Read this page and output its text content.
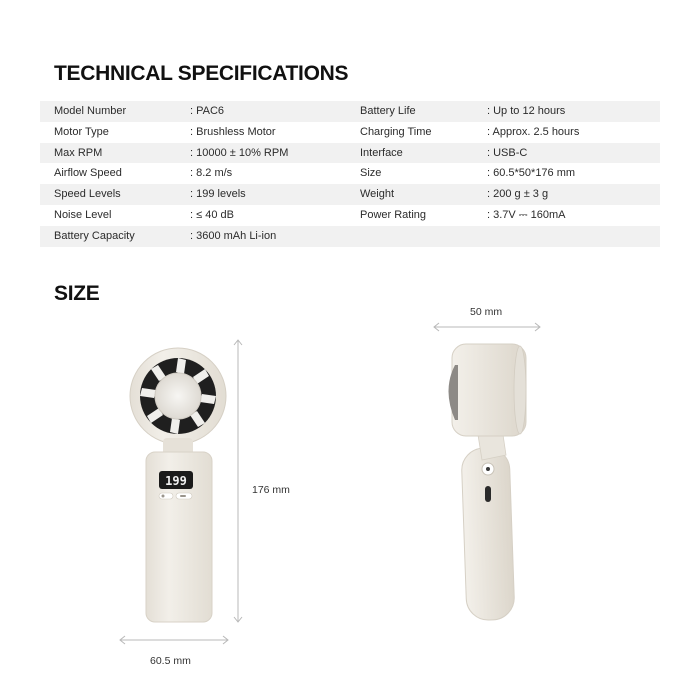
TECHNICAL SPECIFICATIONS
Model Number	: PAC6	Battery Life	: Up to 12 hours
Motor Type	: Brushless Motor	Charging Time	: Approx. 2.5 hours
Max RPM	: 10000 ± 10% RPM	Interface	: USB-C
Airflow Speed	: 8.2 m/s	Size	: 60.5*50*176 mm
Speed Levels	: 199 levels	Weight	: 200 g ± 3 g
Noise Level	: ≤ 40 dB	Power Rating	: 3.7V ⎓ 160mA
Battery Capacity	: 3600 mAh Li-ion
SIZE
199
176 mm
60.5 mm
50 mm
